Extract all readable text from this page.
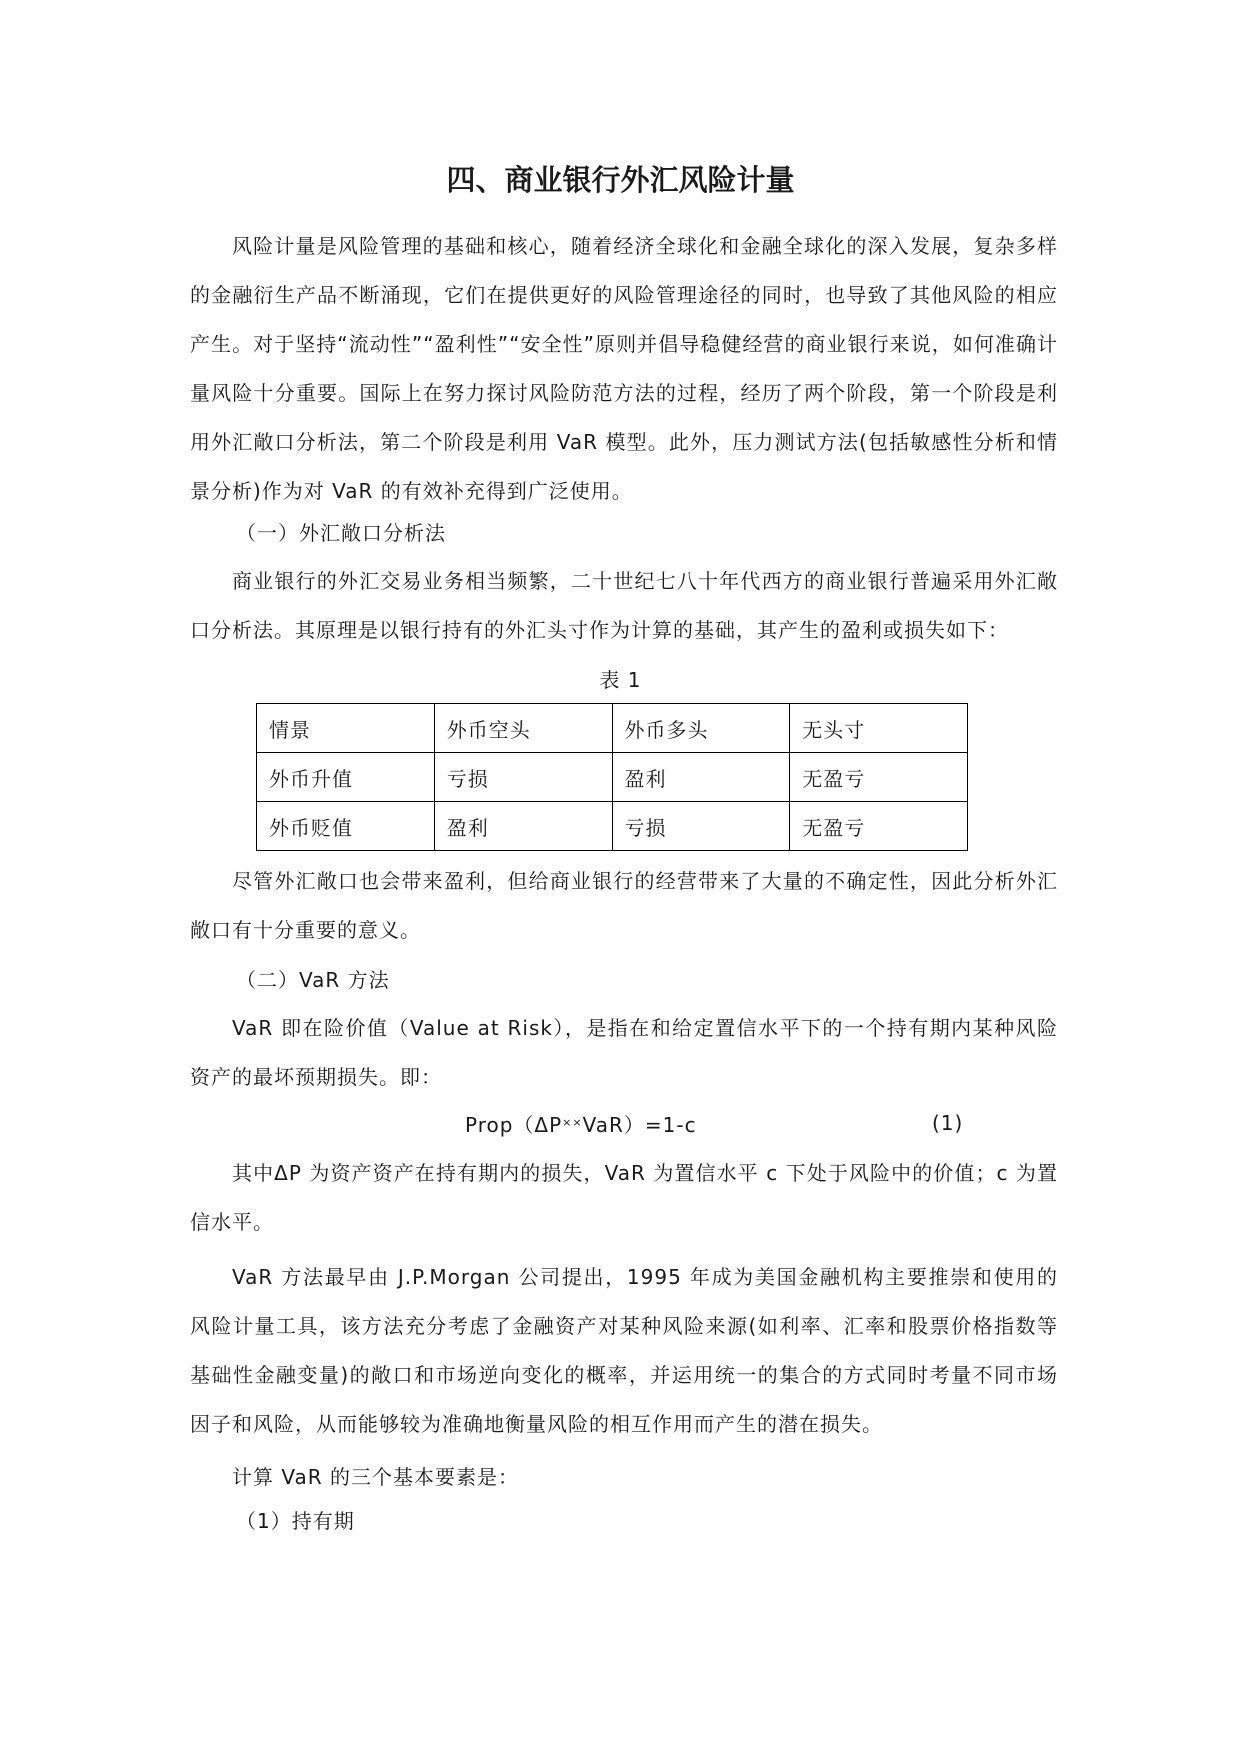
四、商业银行外汇风险计量

风险计量是风险管理的基础和核心，随着经济全球化和金融全球化的深入发展，复杂多样的金融衍生产品不断涌现，它们在提供更好的风险管理途径的同时，也导致了其他风险的相应产生。对于坚持“流动性”“盈利性”“安全性”原则并倡导稳健经营的商业银行来说，如何准确计量风险十分重要。国际上在努力探讨风险防范方法的过程，经历了两个阶段，第一个阶段是利用外汇敞口分析法，第二个阶段是利用 VaR 模型。此外，压力测试方法(包括敏感性分析和情景分析)作为对 VaR 的有效补充得到广泛使用。

（一）外汇敞口分析法

商业银行的外汇交易业务相当频繁，二十世纪七八十年代西方的商业银行普遍采用外汇敞口分析法。其原理是以银行持有的外汇头寸作为计算的基础，其产生的盈利或损失如下：

表 1
情景	外币空头	外币多头	无头寸
外币升值	亏损	盈利	无盈亏
外币贬值	盈利	亏损	无盈亏

尽管外汇敞口也会带来盈利，但给商业银行的经营带来了大量的不确定性，因此分析外汇敞口有十分重要的意义。

（二）VaR 方法

VaR 即在险价值（Value at Risk），是指在和给定置信水平下的一个持有期内某种风险资产的最坏预期损失。即：

Prop（ΔP××VaR）=1-c	(1)

其中ΔP 为资产资产在持有期内的损失，VaR 为置信水平 c 下处于风险中的价值；c 为置信水平。

VaR 方法最早由 J.P.Morgan 公司提出，1995 年成为美国金融机构主要推崇和使用的风险计量工具，该方法充分考虑了金融资产对某种风险来源(如利率、汇率和股票价格指数等基础性金融变量)的敞口和市场逆向变化的概率，并运用统一的集合的方式同时考量不同市场因子和风险，从而能够较为准确地衡量风险的相互作用而产生的潜在损失。

计算 VaR 的三个基本要素是：

（1）持有期
